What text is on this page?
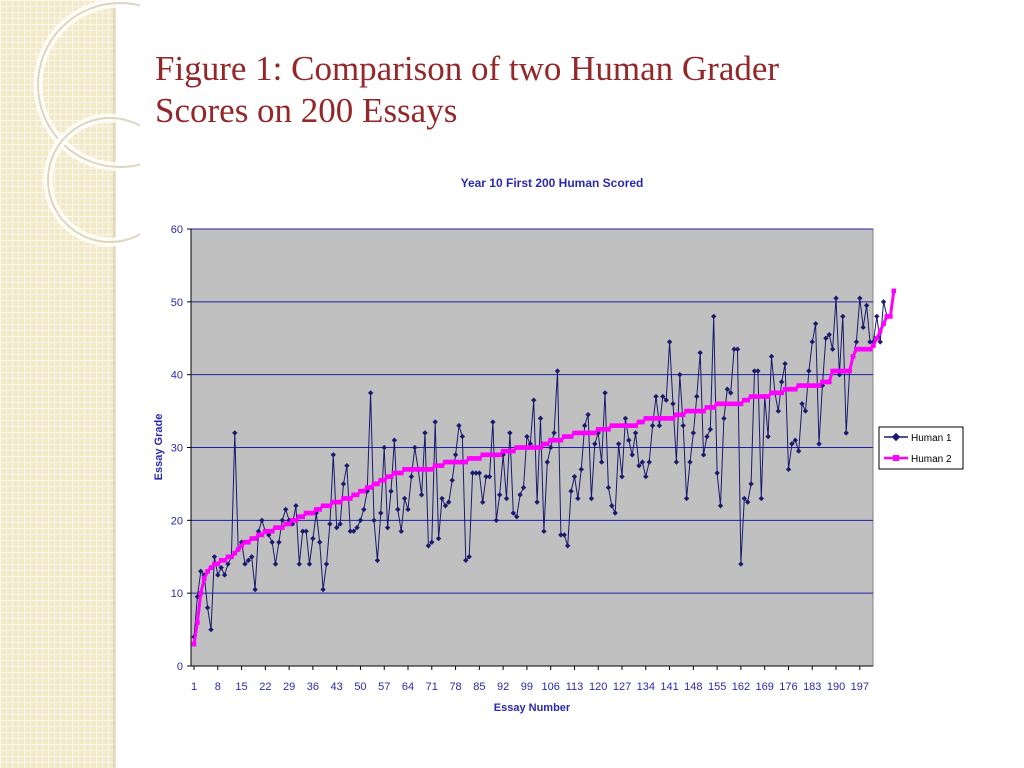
Figure 1: Comparison of two Human Grader
Scores on 200 Essays
0
10
20
30
40
50
60
1 8 15 22 29 36 43 50 57 64 71 78 85 92 99 106 113 120 127 134 141 148 155 162 169 176 183 190 197
Year 10 First 200 Human Scored
Essay Number
Essay Grade	Human 1
Human 2
